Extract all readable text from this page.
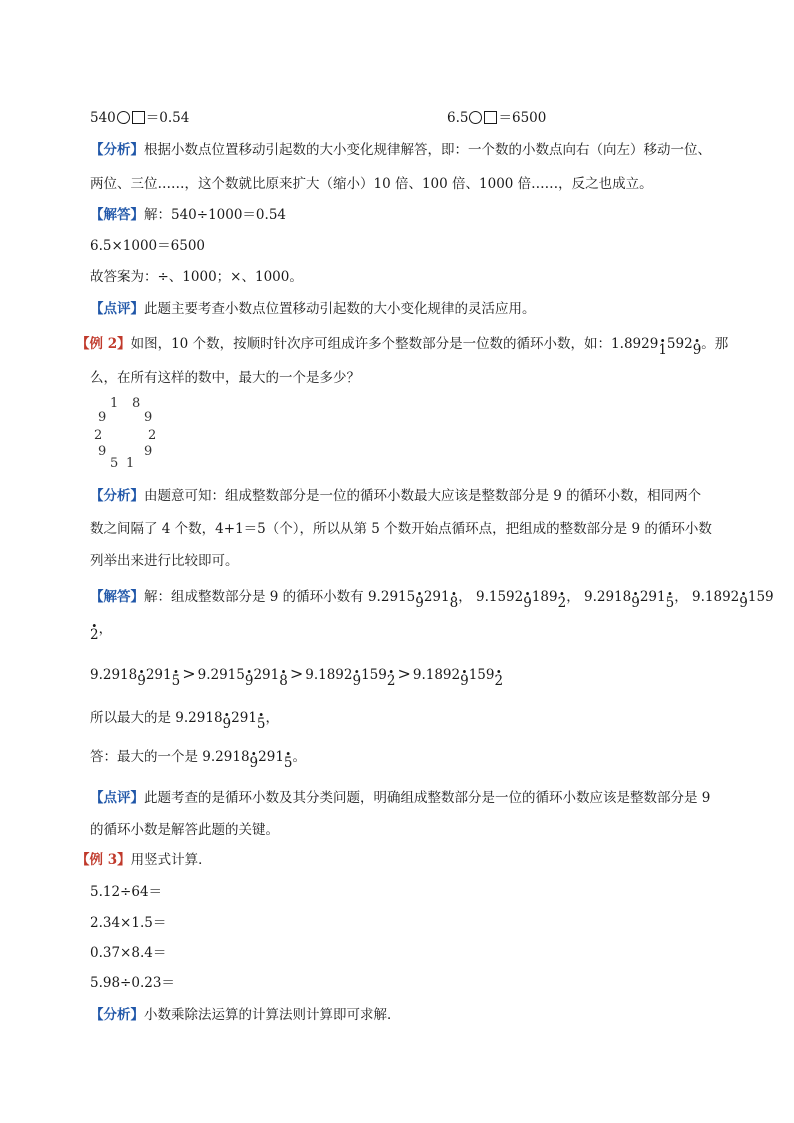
540 ＝0.54	6.5 ＝6500
【分析】根据小数点位置移动引起数的大小变化规律解答，即：一个数的小数点向右（向左）移动一位、
两位、三位……，这个数就比原来扩大（缩小）10 倍、100 倍、1000 倍……，反之也成立。
【解答】解：540÷1000＝0.54
6.5×1000＝6500
故答案为：÷、1000；×、1000。
【点评】此题主要考查小数点位置移动引起数的大小变化规律的灵活应用。
【例 2】如图，10 个数，按顺时针次序可组成许多个整数部分是一位数的循环小数，如：1.8929· 1592· 9。那
么，在所有这样的数中，最大的一个是多少？
1 8
9
2
9
1
5
9
2
9
【分析】由题意可知：组成整数部分是一位的循环小数最大应该是整数部分是 9 的循环小数，相同两个
数之间隔了 4 个数，4+1＝5（个），所以从第 5 个数开始点循环点，把组成的整数部分是 9 的循环小数
列举出来进行比较即可。
【解答】解：组成整数部分是 9 的循环小数有 9.2915· 9291· 8， 9.1592· 9189· 2， 9.2918· 9291· 5， 9.1892· 9159
· 2，
9.2918· 9291· 5 > 9.2915· 9291· 8 > 9.1892· 9159· 2 > 9.1892· 9159· 2
所以最大的是 9.2918· 9291· 5，
答：最大的一个是 9.2918· 9291· 5。
【点评】此题考查的是循环小数及其分类问题，明确组成整数部分是一位的循环小数应该是整数部分是 9
的循环小数是解答此题的关键。
【例 3】用竖式计算．
5.12÷64＝
2.34×1.5＝
0.37×8.4＝
5.98÷0.23＝
【分析】小数乘除法运算的计算法则计算即可求解．
